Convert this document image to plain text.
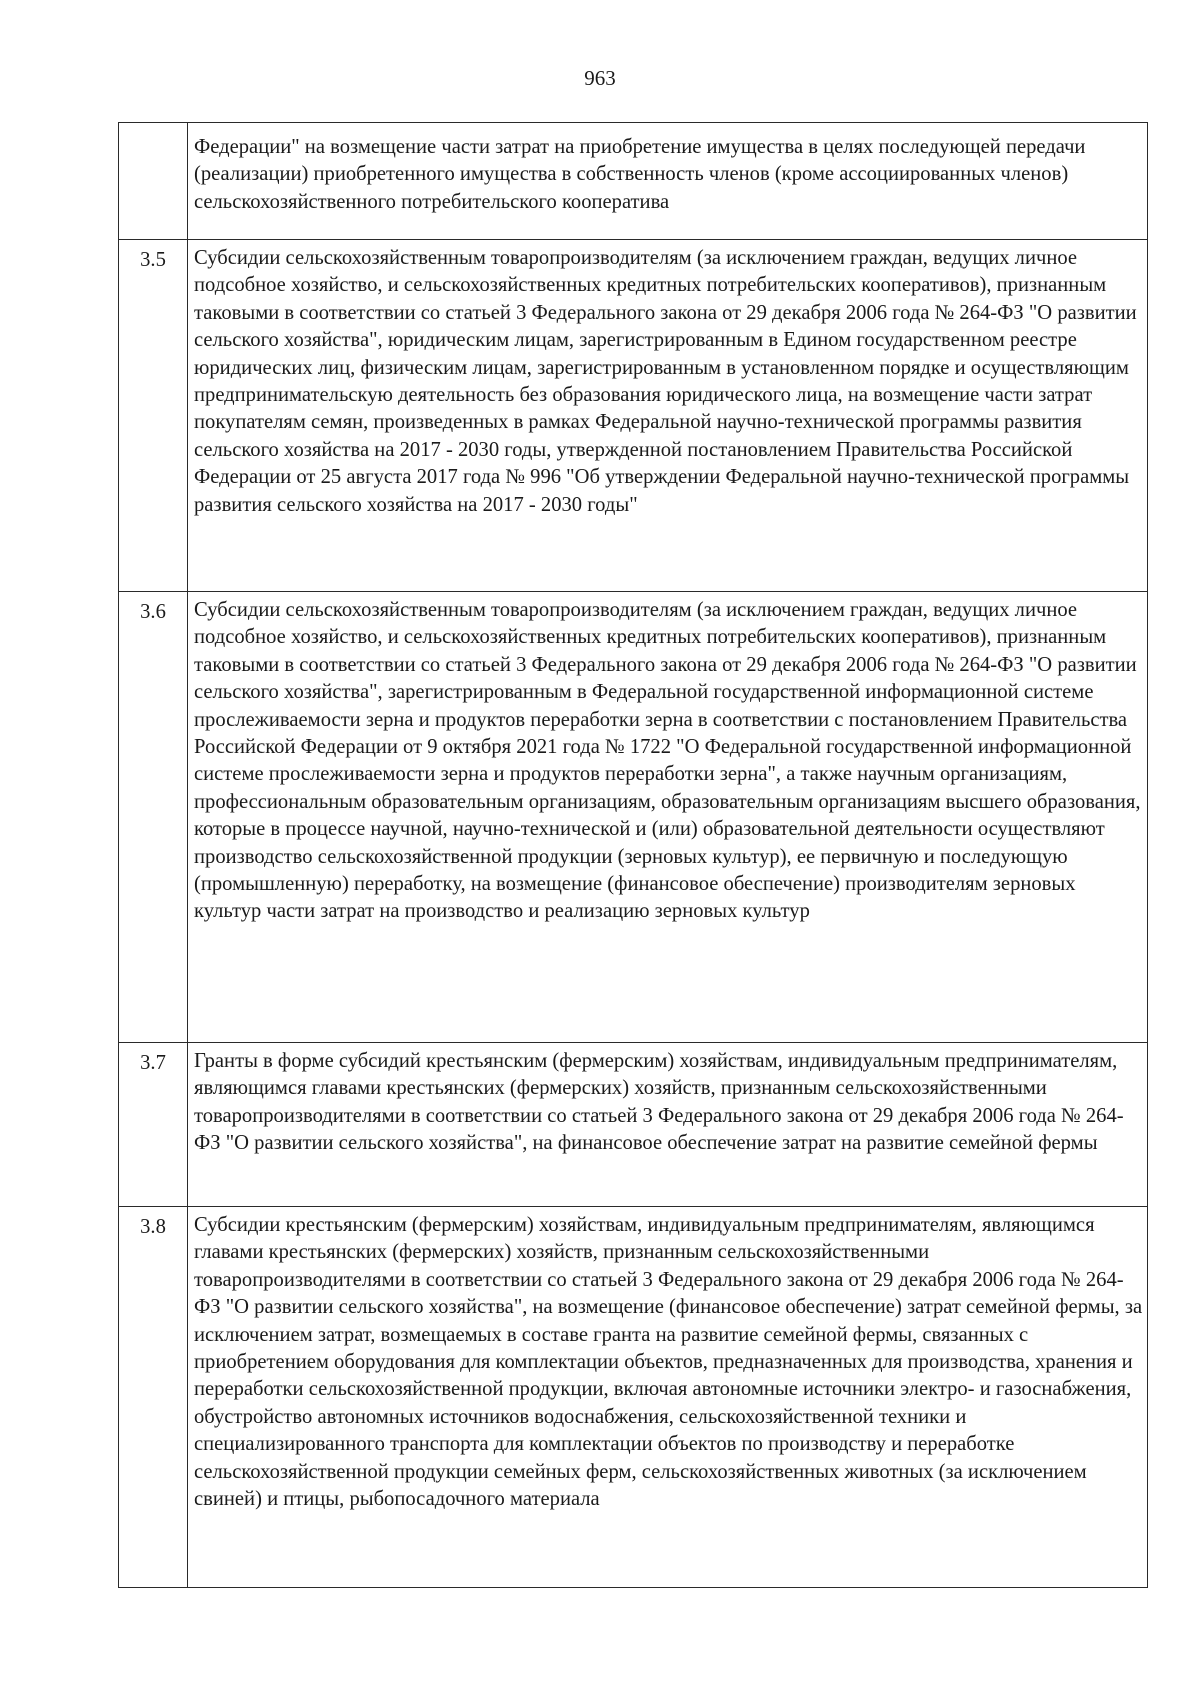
963
	Федерации" на возмещение части затрат на приобретение имущества в целях последующей передачи (реализации) приобретенного имущества в собственность членов (кроме ассоциированных членов) сельскохозяйственного потребительского кооператива
3.5	Субсидии сельскохозяйственным товаропроизводителям (за исключением граждан, ведущих личное подсобное хозяйство, и сельскохозяйственных кредитных потребительских кооперативов), признанным таковыми в соответствии со статьей 3 Федерального закона от 29 декабря 2006 года № 264-ФЗ "О развитии сельского хозяйства", юридическим лицам, зарегистрированным в Едином государственном реестре юридических лиц, физическим лицам, зарегистрированным в установленном порядке и осуществляющим предпринимательскую деятельность без образования юридического лица, на возмещение части затрат покупателям семян, произведенных в рамках Федеральной научно-технической программы развития сельского хозяйства на 2017 - 2030 годы, утвержденной постановлением Правительства Российской Федерации от 25 августа 2017 года № 996 "Об утверждении Федеральной научно-технической программы развития сельского хозяйства на 2017 - 2030 годы"
3.6	Субсидии сельскохозяйственным товаропроизводителям (за исключением граждан, ведущих личное подсобное хозяйство, и сельскохозяйственных кредитных потребительских кооперативов), признанным таковыми в соответствии со статьей 3 Федерального закона от 29 декабря 2006 года № 264-ФЗ "О развитии сельского хозяйства", зарегистрированным в Федеральной государственной информационной системе прослеживаемости зерна и продуктов переработки зерна в соответствии с постановлением Правительства Российской Федерации от 9 октября 2021 года № 1722 "О Федеральной государственной информационной системе прослеживаемости зерна и продуктов переработки зерна", а также научным организациям, профессиональным образовательным организациям, образовательным организациям высшего образования, которые в процессе научной, научно-технической и (или) образовательной деятельности осуществляют производство сельскохозяйственной продукции (зерновых культур), ее первичную и последующую (промышленную) переработку, на возмещение (финансовое обеспечение) производителям зерновых культур части затрат на производство и реализацию зерновых культур
3.7	Гранты в форме субсидий крестьянским (фермерским) хозяйствам, индивидуальным предпринимателям, являющимся главами крестьянских (фермерских) хозяйств, признанным сельскохозяйственными товаропроизводителями в соответствии со статьей 3 Федерального закона от 29 декабря 2006 года № 264-ФЗ "О развитии сельского хозяйства", на финансовое обеспечение затрат на развитие семейной фермы
3.8	Субсидии крестьянским (фермерским) хозяйствам, индивидуальным предпринимателям, являющимся главами крестьянских (фермерских) хозяйств, признанным сельскохозяйственными товаропроизводителями в соответствии со статьей 3 Федерального закона от 29 декабря 2006 года № 264-ФЗ "О развитии сельского хозяйства", на возмещение (финансовое обеспечение) затрат семейной фермы, за исключением затрат, возмещаемых в составе гранта на развитие семейной фермы, связанных с приобретением оборудования для комплектации объектов, предназначенных для производства, хранения и переработки сельскохозяйственной продукции, включая автономные источники электро- и газоснабжения, обустройство автономных источников водоснабжения, сельскохозяйственной техники и специализированного транспорта для комплектации объектов по производству и переработке сельскохозяйственной продукции семейных ферм, сельскохозяйственных животных (за исключением свиней) и птицы, рыбопосадочного материала
